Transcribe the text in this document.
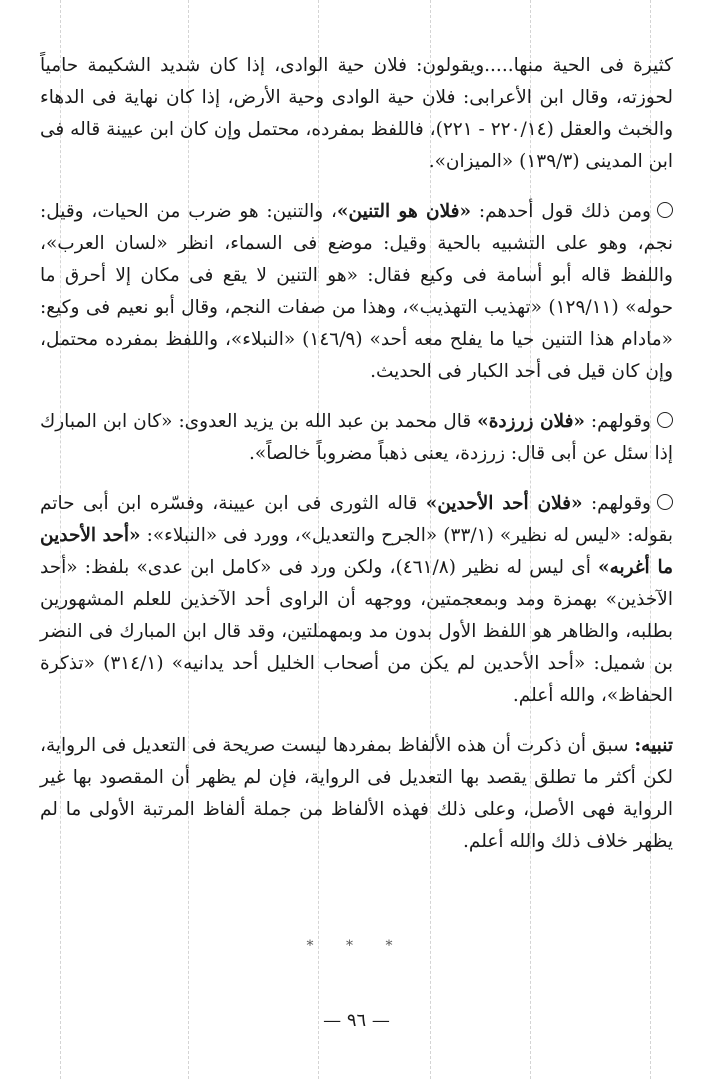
كثيرة فى الحية منها.....ويقولون: فلان حية الوادى، إذا كان شديد الشكيمة حامياً لحوزته، وقال ابن الأعرابى: فلان حية الوادى وحية الأرض، إذا كان نهاية فى الدهاء والخبث والعقل (٢٢٠/١٤ - ٢٢١)، فاللفظ بمفرده، محتمل وإن كان ابن عيينة قاله فى ابن المدينى (١٣٩/٣) «الميزان».

ومن ذلك قول أحدهم: «فلان هو التنين»، والتنين: هو ضرب من الحيات، وقيل: نجم، وهو على التشبيه بالحية وقيل: موضع فى السماء، انظر «لسان العرب»، واللفظ قاله أبو أسامة فى وكيع فقال: «هو التنين لا يقع فى مكان إلا أحرق ما حوله» (١٢٩/١١) «تهذيب التهذيب»، وهذا من صفات النجم، وقال أبو نعيم فى وكيع: «مادام هذا التنين حيا ما يفلح معه أحد» (١٤٦/٩) «النبلاء»، واللفظ بمفرده محتمل، وإن كان قيل فى أحد الكبار فى الحديث.

وقولهم: «فلان زرزدة» قال محمد بن عبد الله بن يزيد العدوى: «كان ابن المبارك إذا سئل عن أبى قال: زرزدة، يعنى ذهباً مضروباً خالصاً».

وقولهم: «فلان أحد الأحدين» قاله الثورى فى ابن عيينة، وفسّره ابن أبى حاتم بقوله: «ليس له نظير» (٣٣/١) «الجرح والتعديل»، وورد فى «النبلاء»: «أحد الأحدين ما أغربه» أى ليس له نظير (٤٦١/٨)، ولكن ورد فى «كامل ابن عدى» بلفظ: «أحد الآخذين» بهمزة ومد وبمعجمتين، ووجهه أن الراوى أحد الآخذين للعلم المشهورين بطلبه، والظاهر هو اللفظ الأول بدون مد وبمهملتين، وقد قال ابن المبارك فى النضر بن شميل: «أحد الأحدين لم يكن من أصحاب الخليل أحد يدانيه» (٣١٤/١) «تذكرة الحفاظ»، والله أعلم.

تنبيه: سبق أن ذكرت أن هذه الألفاظ بمفردها ليست صريحة فى التعديل فى الرواية، لكن أكثر ما تطلق يقصد بها التعديل فى الرواية، فإن لم يظهر أن المقصود بها غير الرواية فهى الأصل، وعلى ذلك فهذه الألفاظ من جملة ألفاظ المرتبة الأولى ما لم يظهر خلاف ذلك والله أعلم.

* * *
— ٩٦ —
